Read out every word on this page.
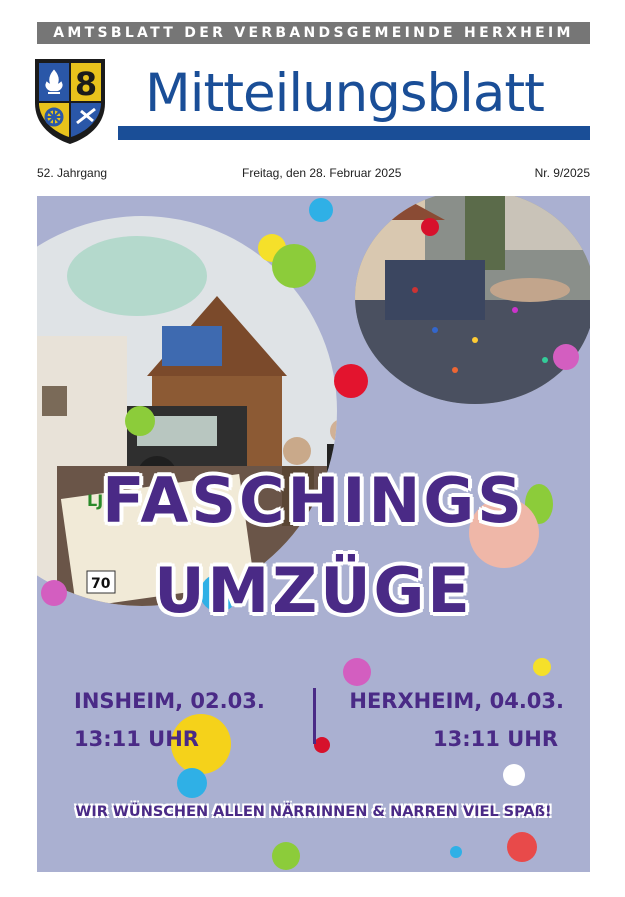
AMTSBLATT DER VERBANDSGEMEINDE HERXHEIM
8 Mitteilungsblatt
52. Jahrgang	Freitag, den 28. Februar 2025	Nr. 9/2025
LJ
70
FASCHINGS
UMZÜGE
INSHEIM, 02.03.
13:11 UHR
HERXHEIM, 04.03.
13:11 UHR
WIR WÜNSCHEN ALLEN NÄRRINNEN & NARREN VIEL SPAß!
